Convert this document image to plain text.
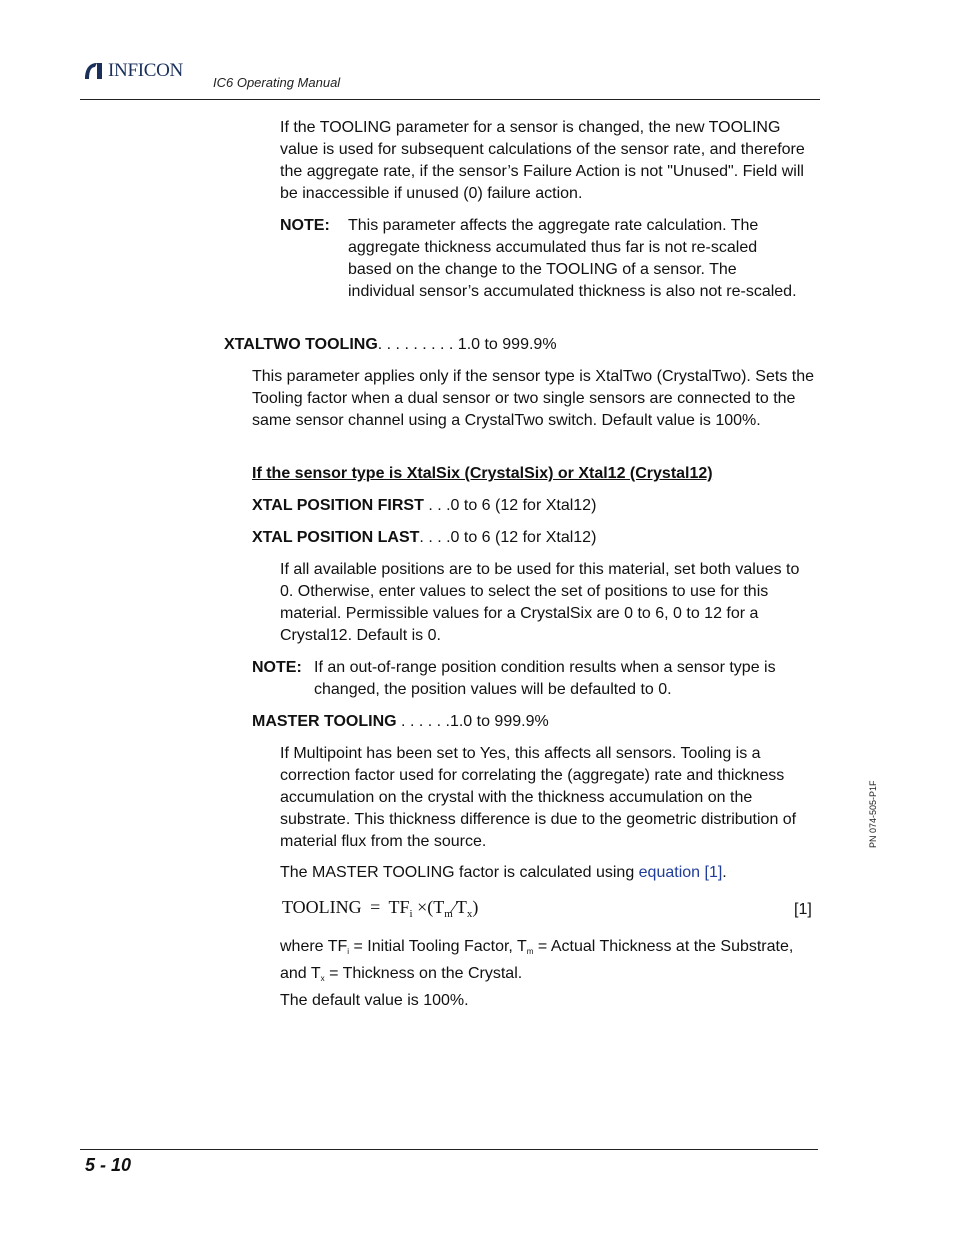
INFICON
IC6 Operating Manual

If the TOOLING parameter for a sensor is changed, the new TOOLING value is used for subsequent calculations of the sensor rate, and therefore the aggregate rate, if the sensor’s Failure Action is not "Unused". Field will be inaccessible if unused (0) failure action.

NOTE:	This parameter affects the aggregate rate calculation. The aggregate thickness accumulated thus far is not re-scaled based on the change to the TOOLING of a sensor. The individual sensor’s accumulated thickness is also not re-scaled.
XTALTWO TOOLING. . . . . . . . . 1.0 to 999.9%

This parameter applies only if the sensor type is XtalTwo (CrystalTwo). Sets the Tooling factor when a dual sensor or two single sensors are connected to the same sensor channel using a CrystalTwo switch. Default value is 100%.

If the sensor type is XtalSix (CrystalSix) or Xtal12 (Crystal12)
XTAL POSITION FIRST . . .0 to 6 (12 for Xtal12)
XTAL POSITION LAST. . . .0 to 6 (12 for Xtal12)

If all available positions are to be used for this material, set both values to 0. Otherwise, enter values to select the set of positions to use for this material. Permissible values for a CrystalSix are 0 to 6, 0 to 12 for a Crystal12. Default is 0.

NOTE: If an out-of-range position condition results when a sensor type is changed, the position values will be defaulted to 0.
MASTER TOOLING . . . . . .1.0 to 999.9%

If Multipoint has been set to Yes, this affects all sensors. Tooling is a correction factor used for correlating the (aggregate) rate and thickness accumulation on the crystal with the thickness accumulation on the substrate. This thickness difference is due to the geometric distribution of material flux from the source.

The MASTER TOOLING factor is calculated using equation [1].
TOOLING = $TF_i$ $\times(T_m⁄T_x)$	[1]
where TFi = Initial Tooling Factor, Tm = Actual Thickness at the Substrate, and Tx = Thickness on the Crystal.
The default value is 100%.
PN 074-505-P1F
5 - 10
